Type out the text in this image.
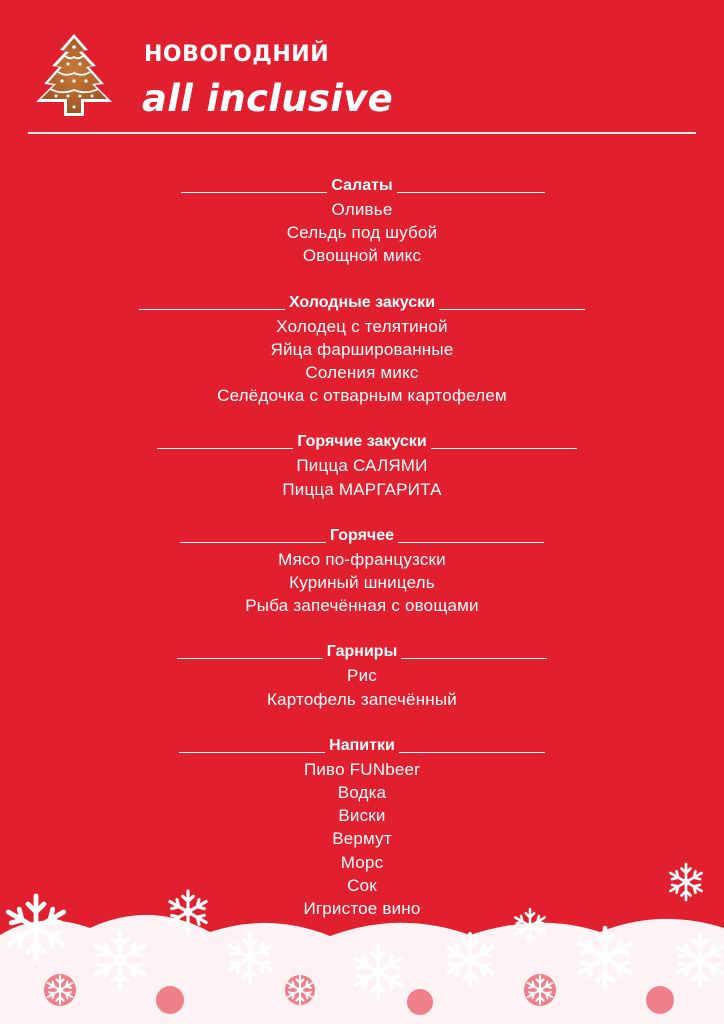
НОВОГОДНИЙ
all inclusive
Салаты
Оливье
Сельдь под шубой
Овощной микс
Холодные закуски
Холодец с телятиной
Яйца фаршированные
Соления микс
Селёдочка с отварным картофелем
Горячие закуски
Пицца САЛЯМИ
Пицца МАРГАРИТА
Горячее
Мясо по-французски
Куриный шницель
Рыба запечённая с овощами
Гарниры
Рис
Картофель запечённый
Напитки
Пиво FUNbeer
Водка
Виски
Вермут
Морс
Сок
Игристое вино
